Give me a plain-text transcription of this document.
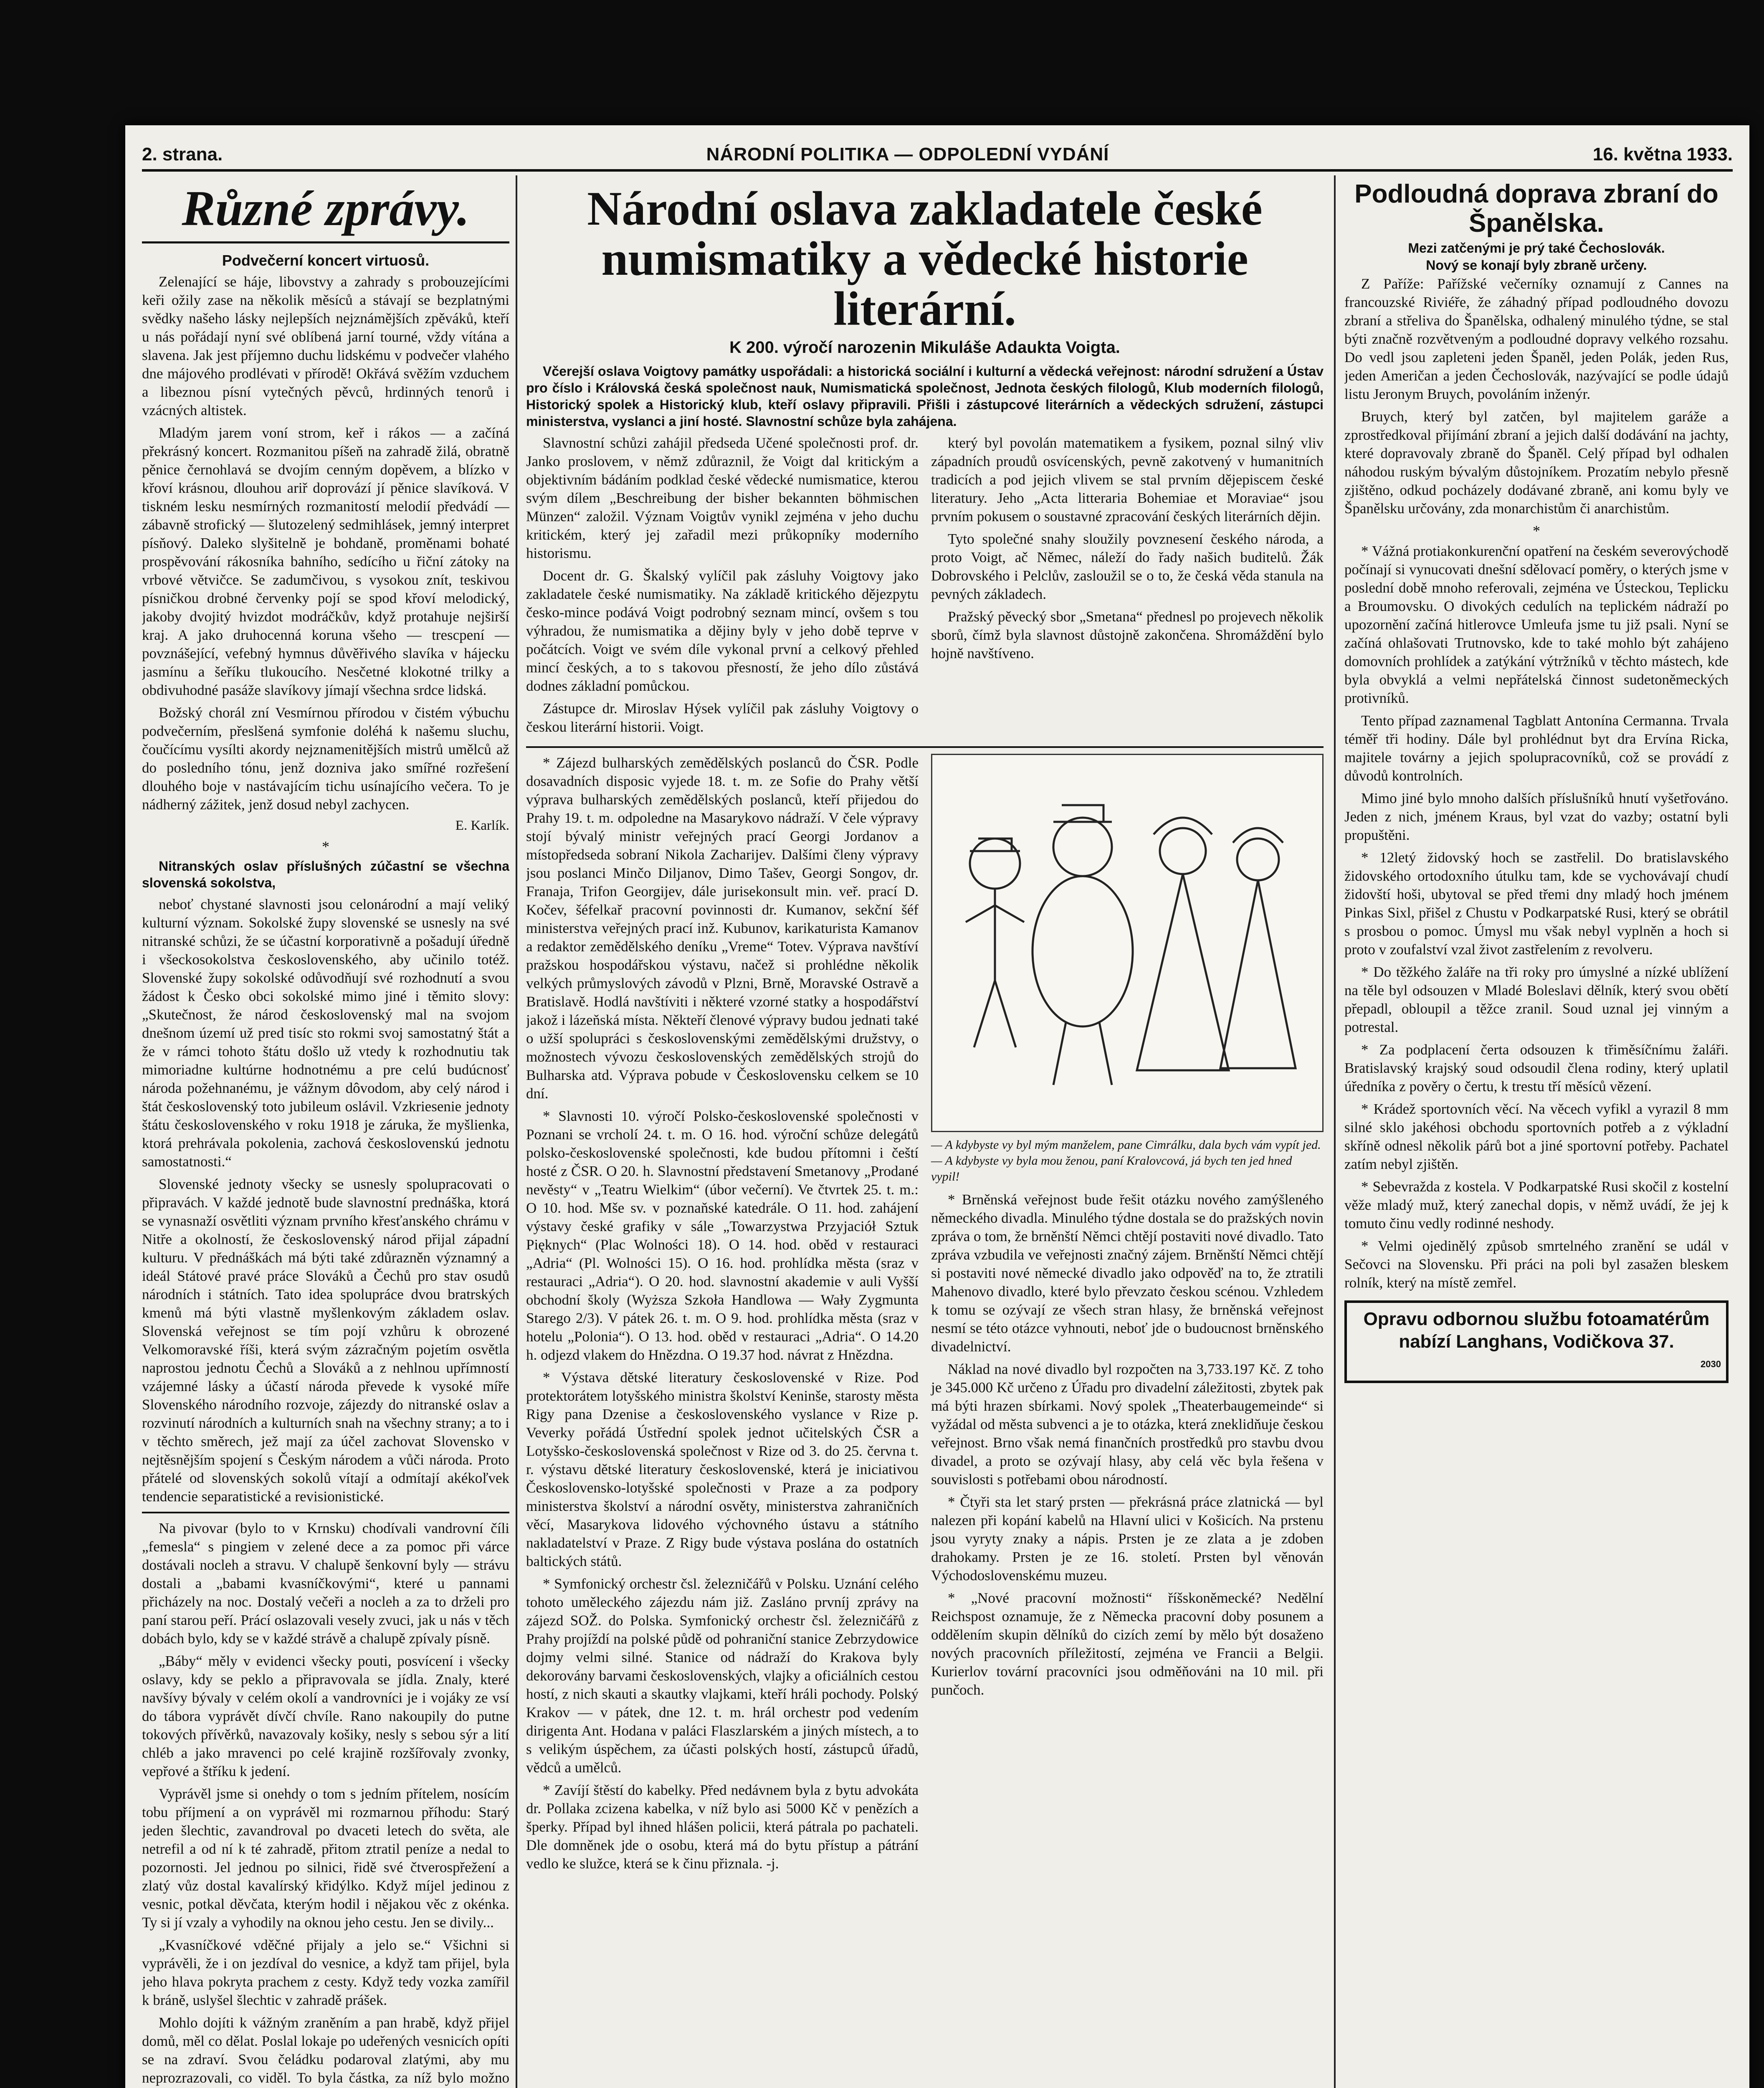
2. strana.	NÁRODNÍ POLITIKA — ODPOLEDNÍ VYDÁNÍ	16. května 1933.
Různé zprávy.
Podvečerní koncert virtuosů.

Zelenající se háje, libovstvy a zahrady s probouzejícími keři ožily zase na několik měsíců a stávají se bezplatnými svědky našeho lásky nejlepších nejznámějších zpěváků, kteří u nás pořádají nyní své oblíbená jarní tourné, vždy vítána a slavena. Jak jest příjemno duchu lidskému v podvečer vlahého dne májového prodlévati v přírodě! Okřává svěžím vzduchem a libeznou písní vytečných pěvců, hrdinných tenorů i vzácných altistek.

Mladým jarem voní strom, keř i rákos — a začíná překrásný koncert. Rozmanitou píšeň na zahradě žilá, obratně pěnice černohlavá se dvojím cenným dopěvem, a blízko v křoví krásnou, dlouhou ariř doprovází jí pěnice slavíková. V tiskném lesku nesmírných rozmanitostí melodií předvádí — zábavně strofický — šlutozelený sedmihlásek, jemný interpret písňový. Daleko slyšitelně je bohdaně, proměnami bohaté prospěvování rákosníka bahního, sedícího u řiční zátoky na vrbové větvičce. Se zadumčivou, s vysokou znít, teskivou písničkou drobné červenky pojí se spod křoví melodický, jakoby dvojitý hvizdot modráčkův, když protahuje nejširší kraj. A jako druhocenná koruna všeho — trescpení — povznášející, vefebný hymnus důvěřivého slavíka v hájecku jasmínu a šeříku tlukoucího. Nesčetné klokotné trilky a obdivuhodné pasáže slavíkovy jímají všechna srdce lidská.

Božský chorál zní Vesmírnou přírodou v čistém výbuchu podvečerním, přeslšená symfonie doléhá k našemu sluchu, čoučícímu vysílti akordy nejznamenitějších mistrů umělců až do posledního tónu, jenž dozniva jako smířné rozřešení dlouhého boje v nastávajícím tichu usínajícího večera. To je nádherný zážitek, jenž dosud nebyl zachycen.

E. Karlík.
*

Nitranských oslav příslušných zúčastní se všechna slovenská sokolstva,

neboť chystané slavnosti jsou celonárodní a mají veliký kulturní význam. Sokolské župy slovenské se usnesly na své nitranské schůzi, že se účastní korporativně a pošadují úředně i všeckosokolstva československého, aby učinilo totéž. Slovenské župy sokolské odůvodňují své rozhodnutí a svou žádost k Česko obci sokolské mimo jiné i těmito slovy: „Skutečnost, že národ československý mal na svojom dnešnom území už pred tisíc sto rokmi svoj samostatný štát a že v rámci tohoto štátu došlo už vtedy k rozhodnutiu tak mimoriadne kultúrne hodnotnému a pre celú budúcnosť národa požehnanému, je vážnym dôvodom, aby celý národ i štát československý toto jubileum oslávil. Vzkriesenie jednoty štátu československého v roku 1918 je záruka, že myšlienka, ktorá prehrávala pokolenia, zachová československú jednotu samostatnosti.“

Slovenské jednoty všecky se usnesly spolupracovati o připravách. V každé jednotě bude slavnostní prednáška, ktorá se vynasnaží osvětliti význam prvního křesťanského chrámu v Nitře a okolností, že československý národ přijal západní kulturu. V přednáškách má býti také zdůrazněn významný a ideál Státové pravé práce Slováků a Čechů pro stav osudů národních i státních. Tato idea spolupráce dvou bratrských kmenů má býti vlastně myšlenkovým základem oslav. Slovenská veřejnost se tím pojí vzhůru k obrozené Velkomoravské říši, která svým zázračným pojetím osvětla naprostou jednotu Čechů a Slováků a z nehlnou upřímností vzájemné lásky a účastí národa převede k vysoké míře Slovenského národního rozvoje, zájezdy do nitranské oslav a rozvinutí národních a kulturních snah na všechny strany; a to i v těchto směrech, jež mají za účel zachovat Slovensko v nejtěsnějším spojení s Českým národem a vůči národa. Proto přátelé od slovenských sokolů vítají a odmítají akékoľvek tendencie separatistické a revisionistické.

Na pivovar (bylo to v Krnsku) chodívali vandrovní číli „femesla“ s pingiem v zelené dece a za pomoc při várce dostávali nocleh a stravu. V chalupě šenkovní byly — strávu dostali a „babami kvasníčkovými“, které u pannami přicházely na noc. Dostalý večeři a nocleh a za to drželi pro paní starou peří. Prácí oslazovali vesely zvuci, jak u nás v těch dobách bylo, kdy se v každé strávě a chalupě zpívaly písně.

„Báby“ měly v evidenci všecky pouti, posvícení i všecky oslavy, kdy se peklo a připravovala se jídla. Znaly, které navšívy bývaly v celém okolí a vandrovníci je i vojáky ze vsí do tábora vyprávět dívčí chvíle. Rano nakoupily do putne tokových přívěrků, navazovaly košiky, nesly s sebou sýr a lití chléb a jako mravenci po celé krajině rozšířovaly zvonky, vepřové a štříku k jedení.

Vyprávěl jsme si onehdy o tom s jedním přítelem, nosícím tobu příjmení a on vyprávěl mi rozmarnou příhodu: Starý jeden šlechtic, zavandroval po dvaceti letech do světa, ale netrefil a od ní k té zahradě, přitom ztratil peníze a nedal to pozornosti. Jel jednou po silnici, řidě své čtverospřežení a zlatý vůz dostal kavalírský křidýlko. Když míjel jedinou z vesnic, potkal děvčata, kterým hodil i nějakou věc z okénka. Ty si jí vzaly a vyhodily na oknou jeho cestu. Jen se divily...

„Kvasníčkové vděčné přijaly a jelo se.“ Všichni si vyprávěli, že i on jezdíval do vesnice, a když tam přijel, byla jeho hlava pokryta prachem z cesty. Když tedy vozka zamířil k bráně, uslyšel šlechtic v zahradě prášek.

Mohlo dojíti k vážným zraněním a pan hrabě, když přijel domů, měl co dělat. Poslal lokaje po udeřených vesnicích opíti se na zdraví. Svou čeládku podaroval zlatými, aby mu neprozrazovali, co viděl. To byla částka, za níž bylo možno

Národní oslava zakladatele české numismatiky a vědecké historie literární.
K 200. výročí narozenin Mikuláše Adaukta Voigta.

Včerejší oslava Voigtovy památky uspořádali: a historická sociální i kulturní a vědecká veřejnost: národní sdružení a Ústav pro číslo i Královská česká společnost nauk, Numismatická společnost, Jednota českých filologů, Klub moderních filologů, Historický spolek a Historický klub, kteří oslavy připravili. Přišli i zástupcové literárních a vědeckých sdružení, zástupci ministerstva, vyslanci a jiní hosté. Slavnostní schůze byla zahájena.

Slavnostní schůzi zahájil předseda Učené společnosti prof. dr. Janko proslovem, v němž zdůraznil, že Voigt dal kritickým a objektivním bádáním podklad české vědecké numismatice, kterou svým dílem „Beschreibung der bisher bekannten böhmischen Münzen“ založil. Význam Voigtův vynikl zejména v jeho duchu kritickém, který jej zařadil mezi průkopníky moderního historismu.

Docent dr. G. Škalský vylíčil pak zásluhy Voigtovy jako zakladatele české numismatiky. Na základě kritického dějezpytu česko-mince podává Voigt podrobný seznam mincí, ovšem s tou výhradou, že numismatika a dějiny byly v jeho době teprve v počátcích. Voigt ve svém díle vykonal první a celkový přehled mincí českých, a to s takovou přesností, že jeho dílo zůstává dodnes základní pomůckou.

Zástupce dr. Miroslav Hýsek vylíčil pak zásluhy Voigtovy o českou literární historii. Voigt.

který byl povolán matematikem a fysikem, poznal silný vliv západních proudů osvícenských, pevně zakotvený v humanitních tradicích a pod jejich vlivem se stal prvním dějepiscem české literatury. Jeho „Acta litteraria Bohemiae et Moraviae“ jsou prvním pokusem o soustavné zpracování českých literárních dějin.

Tyto společné snahy sloužily povznesení českého národa, a proto Voigt, ač Němec, náleží do řady našich buditelů. Žák Dobrovského i Pelclův, zasloužil se o to, že česká věda stanula na pevných základech.

Pražský pěvecký sbor „Smetana“ přednesl po projevech několik sborů, čímž byla slavnost důstojně zakončena. Shromáždění bylo hojně navštíveno.

* Zájezd bulharských zemědělských poslanců do ČSR. Podle dosavadních disposic vyjede 18. t. m. ze Sofie do Prahy větší výprava bulharských zemědělských poslanců, kteří přijedou do Prahy 19. t. m. odpoledne na Masarykovo nádraží. V čele výpravy stojí bývalý ministr veřejných prací Georgi Jordanov a místopředseda sobraní Nikola Zacharijev. Dalšími členy výpravy jsou poslanci Minčo Diljanov, Dimo Tašev, Georgi Songov, dr. Franaja, Trifon Georgijev, dále jurisekonsult min. veř. prací D. Kočev, šéfelkař pracovní povinnosti dr. Kumanov, sekční šéf ministerstva veřejných prací inž. Kubunov, karikaturista Kamanov a redaktor zemědělského deníku „Vreme“ Totev. Výprava navštíví pražskou hospodářskou výstavu, načež si prohlédne několik velkých průmyslových závodů v Plzni, Brně, Moravské Ostravě a Bratislavě. Hodlá navštíviti i některé vzorné statky a hospodářství jakož i lázeňská místa. Někteří členové výpravy budou jednati také o užší spolupráci s československými zemědělskými družstvy, o možnostech vývozu československých zemědělských strojů do Bulharska atd. Výprava pobude v Československu celkem se 10 dní.

* Slavnosti 10. výročí Polsko-československé společnosti v Poznani se vrcholí 24. t. m. O 16. hod. výroční schůze delegátů polsko-československé společnosti, kde budou přítomni i čeští hosté z ČSR. O 20. h. Slavnostní představení Smetanovy „Prodané nevěsty“ v „Teatru Wielkim“ (úbor večerní). Ve čtvrtek 25. t. m.: O 10. hod. Mše sv. v poznaňské katedrále. O 11. hod. zahájení výstavy české grafiky v sále „Towarzystwa Przyjaciół Sztuk Pięknych“ (Plac Wolności 18). O 14. hod. oběd v restauraci „Adria“ (Pl. Wolności 15). O 16. hod. prohlídka města (sraz v restauraci „Adria“). O 20. hod. slavnostní akademie v auli Vyšší obchodní školy (Wyższa Szkoła Handlowa — Wały Zygmunta Starego 2/3). V pátek 26. t. m. O 9. hod. prohlídka města (sraz v hotelu „Polonia“). O 13. hod. oběd v restauraci „Adria“. O 14.20 h. odjezd vlakem do Hnězdna. O 19.37 hod. návrat z Hnězdna.

* Výstava dětské literatury československé v Rize. Pod protektorátem lotyšského ministra školství Keninše, starosty města Rigy pana Dzenise a československého vyslance v Rize p. Veverky pořádá Ústřední spolek jednot učitelských ČSR a Lotyšsko-československá společnost v Rize od 3. do 25. června t. r. výstavu dětské literatury československé, která je iniciativou Československo-lotyšské společnosti v Praze a za podpory ministerstva školství a národní osvěty, ministerstva zahraničních věcí, Masarykova lidového výchovného ústavu a státního nakladatelství v Praze. Z Rigy bude výstava poslána do ostatních baltických států.

* Symfonický orchestr čsl. železničářů v Polsku. Uznání celého tohoto uměleckého zájezdu nám již. Zasláno prvníj zprávy na zájezd SOŽ. do Polska. Symfonický orchestr čsl. železničářů z Prahy projíždí na polské půdě od pohraniční stanice Zebrzydowice dojmy velmi silné. Stanice od nádraží do Krakova byly dekorovány barvami československých, vlajky a oficiálních cestou hostí, z nich skauti a skautky vlajkami, kteří hráli pochody. Polský Krakov — v pátek, dne 12. t. m. hrál orchestr pod vedením dirigenta Ant. Hodana v paláci Flaszlarském a jiných místech, a to s velikým úspěchem, za účasti polských hostí, zástupců úřadů, vědců a umělců.

* Zavíjí štěstí do kabelky. Před nedávnem byla z bytu advokáta dr. Pollaka zcizena kabelka, v níž bylo asi 5000 Kč v penězích a šperky. Případ byl ihned hlášen policii, která pátrala po pachateli. Dle domněnek jde o osobu, která má do bytu přístup a pátrání vedlo ke služce, která se k činu přiznala. -j.

— A kdybyste vy byl mým manželem, pane Cimrálku, dala bych vám vypít jed.
— A kdybyste vy byla mou ženou, paní Kralovcová, já bych ten jed hned vypil!

* Brněnská veřejnost bude řešit otázku nového zamýšleného německého divadla. Minulého týdne dostala se do pražských novin zpráva o tom, že brněnští Němci chtějí postaviti nové divadlo. Tato zpráva vzbudila ve veřejnosti značný zájem. Brněnští Němci chtějí si postaviti nové německé divadlo jako odpověď na to, že ztratili Mahenovo divadlo, které bylo převzato českou scénou. Vzhledem k tomu se ozývají ze všech stran hlasy, že brněnská veřejnost nesmí se této otázce vyhnouti, neboť jde o budoucnost brněnského divadelnictví.

Náklad na nové divadlo byl rozpočten na 3,733.197 Kč. Z toho je 345.000 Kč určeno z Úřadu pro divadelní záležitosti, zbytek pak má býti hrazen sbírkami. Nový spolek „Theaterbaugemeinde“ si vyžádal od města subvenci a je to otázka, která zneklidňuje českou veřejnost. Brno však nemá finančních prostředků pro stavbu dvou divadel, a proto se ozývají hlasy, aby celá věc byla řešena v souvislosti s potřebami obou národností.

* Čtyři sta let starý prsten — překrásná práce zlatnická — byl nalezen při kopání kabelů na Hlavní ulici v Košicích. Na prstenu jsou vyryty znaky a nápis. Prsten je ze zlata a je zdoben drahokamy. Prsten je ze 16. století. Prsten byl věnován Východoslovenskému muzeu.

* „Nové pracovní možnosti“ říšskoněmecké? Nedělní Reichspost oznamuje, že z Německa pracovní doby posunem a oddělením skupin dělníků do cizích zemí by mělo být dosaženo nových pracovních příležitostí, zejména ve Francii a Belgii. Kurierlov tovární pracovníci jsou odměňováni na 10 mil. při punčoch.

Podloudná doprava zbraní do Španělska.
Mezi zatčenými je prý také Čechoslovák.
Nový se konají byly zbraně určeny.

Z Paříže: Pařížské večerníky oznamují z Cannes na francouzské Riviéře, že záhadný případ podloudného dovozu zbraní a střeliva do Španělska, odhalený minulého týdne, se stal býti značně rozvětveným a podloudné dopravy velkého rozsahu. Do vedl jsou zapleteni jeden Španěl, jeden Polák, jeden Rus, jeden Američan a jeden Čechoslovák, nazývající se podle údajů listu Jeronym Bruych, povoláním inženýr.

Bruych, který byl zatčen, byl majitelem garáže a zprostředkoval přijímání zbraní a jejich další dodávání na jachty, které dopravovaly zbraně do Španěl. Celý případ byl odhalen náhodou ruským bývalým důstojníkem. Prozatím nebylo přesně zjištěno, odkud pocházely dodávané zbraně, ani komu byly ve Španělsku určovány, zda monarchistům či anarchistům.

*

* Vážná protiakonkurenční opatření na českém severovýchodě počínají si vynucovati dnešní sdělovací poměry, o kterých jsme v poslední době mnoho referovali, zejména ve Ústeckou, Teplicku a Broumovsku. O divokých cedulích na teplickém nádraží po upozornění začíná hitlerovce Umleufa jsme tu již psali. Nyní se začíná ohlašovati Trutnovsko, kde to také mohlo být zahájeno domovních prohlídek a zatýkání výtržníků v těchto mástech, kde byla obvyklá a velmi nepřátelská činnost sudetoněmeckých protivníků.

Tento případ zaznamenal Tagblatt Antonína Cermanna. Trvala téměř tři hodiny. Dále byl prohlédnut byt dra Ervína Ricka, majitele továrny a jejich spolupracovníků, což se provádí z důvodů kontrolních.

Mimo jiné bylo mnoho dalších příslušníků hnutí vyšetřováno. Jeden z nich, jménem Kraus, byl vzat do vazby; ostatní byli propuštěni.

* 12letý židovský hoch se zastřelil. Do bratislavského židovského ortodoxního útulku tam, kde se vychovávají chudí židovští hoši, ubytoval se před třemi dny mladý hoch jménem Pinkas Sixl, přišel z Chustu v Podkarpatské Rusi, který se obrátil s prosbou o pomoc. Úmysl mu však nebyl vyplněn a hoch si proto v zoufalství vzal život zastřelením z revolveru.

* Do těžkého žaláře na tři roky pro úmyslné a nízké ublížení na těle byl odsouzen v Mladé Boleslavi dělník, který svou obětí přepadl, obloupil a těžce zranil. Soud uznal jej vinným a potrestal.

* Za podplacení čerta odsouzen k třiměsíčnímu žaláři. Bratislavský krajský soud odsoudil člena rodiny, který uplatil úředníka z pověry o čertu, k trestu tří měsíců vězení.

* Krádež sportovních věcí. Na věcech vyfikl a vyrazil 8 mm silné sklo jakéhosi obchodu sportovních potřeb a z výkladní skříně odnesl několik párů bot a jiné sportovní potřeby. Pachatel zatím nebyl zjištěn.

* Sebevražda z kostela. V Podkarpatské Rusi skočil z kostelní věže mladý muž, který zanechal dopis, v němž uvádí, že jej k tomuto činu vedly rodinné neshody.

* Velmi ojedinělý způsob smrtelného zranění se udál v Sečovci na Slovensku. Při práci na poli byl zasažen bleskem rolník, který na místě zemřel.

Opravu odbornou službu fotoamatérům nabízí Langhans, Vodičkova 37.
2030
